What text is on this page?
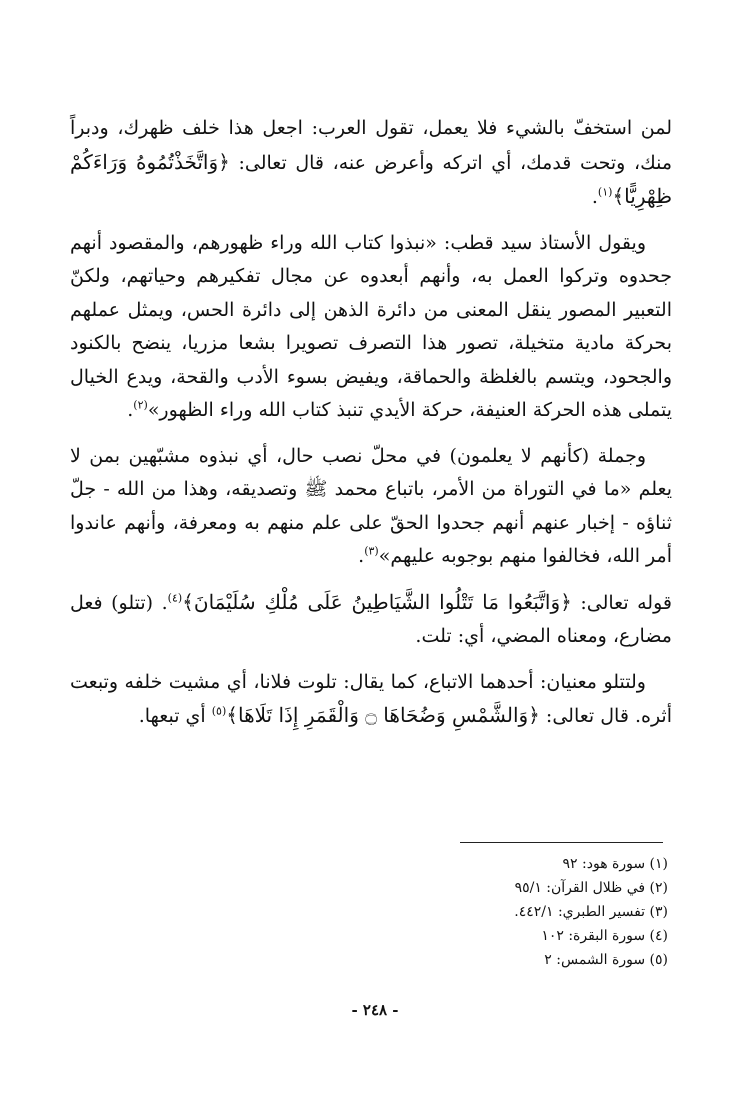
لمن استخفّ بالشيء فلا يعمل، تقول العرب: اجعل هذا خلف ظهرك، ودبراً منك، وتحت قدمك، أي اتركه وأعرض عنه، قال تعالى: ﴿وَاتَّخَذْتُمُوهُ وَرَاءَكُمْ ظِهْرِيًّا﴾$^{(١)}$.

ويقول الأستاذ سيد قطب: «نبذوا كتاب الله وراء ظهورهم، والمقصود أنهم جحدوه وتركوا العمل به، وأنهم أبعدوه عن مجال تفكيرهم وحياتهم، ولكنّ التعبير المصور ينقل المعنى من دائرة الذهن إلى دائرة الحس، ويمثل عملهم بحركة مادية متخيلة، تصور هذا التصرف تصويرا بشعا مزريا، ينضح بالكنود والجحود، ويتسم بالغلظة والحماقة، ويفيض بسوء الأدب والقحة، ويدع الخيال يتملى هذه الحركة العنيفة، حركة الأيدي تنبذ كتاب الله وراء الظهور»$^{(٢)}$.

وجملة (كأنهم لا يعلمون) في محلّ نصب حال، أي نبذوه مشبّهين بمن لا يعلم «ما في التوراة من الأمر، باتباع محمد ﷺ وتصديقه، وهذا من الله - جلّ ثناؤه - إخبار عنهم أنهم جحدوا الحقّ على علم منهم به ومعرفة، وأنهم عاندوا أمر الله، فخالفوا منهم بوجوبه عليهم»$^{(٣)}$.

قوله تعالى: ﴿وَاتَّبَعُوا مَا تَتْلُوا الشَّيَاطِينُ عَلَى مُلْكِ سُلَيْمَانَ﴾$^{(٤)}$. (تتلو) فعل مضارع، ومعناه المضي، أي: تلت.

ولتتلو معنيان: أحدهما الاتباع، كما يقال: تلوت فلانا، أي مشيت خلفه وتبعت أثره. قال تعالى: ﴿وَالشَّمْسِ وَضُحَاهَا ۝ وَالْقَمَرِ إِذَا تَلَاهَا﴾$^{(٥)}$ أي تبعها.

(١) سورة هود: ٩٢
(٢) في ظلال القرآن: ٩٥/١
(٣) تفسير الطبري: ٤٤٢/١.
(٤) سورة البقرة: ١٠٢
(٥) سورة الشمس: ٢
- ٢٤٨ -
